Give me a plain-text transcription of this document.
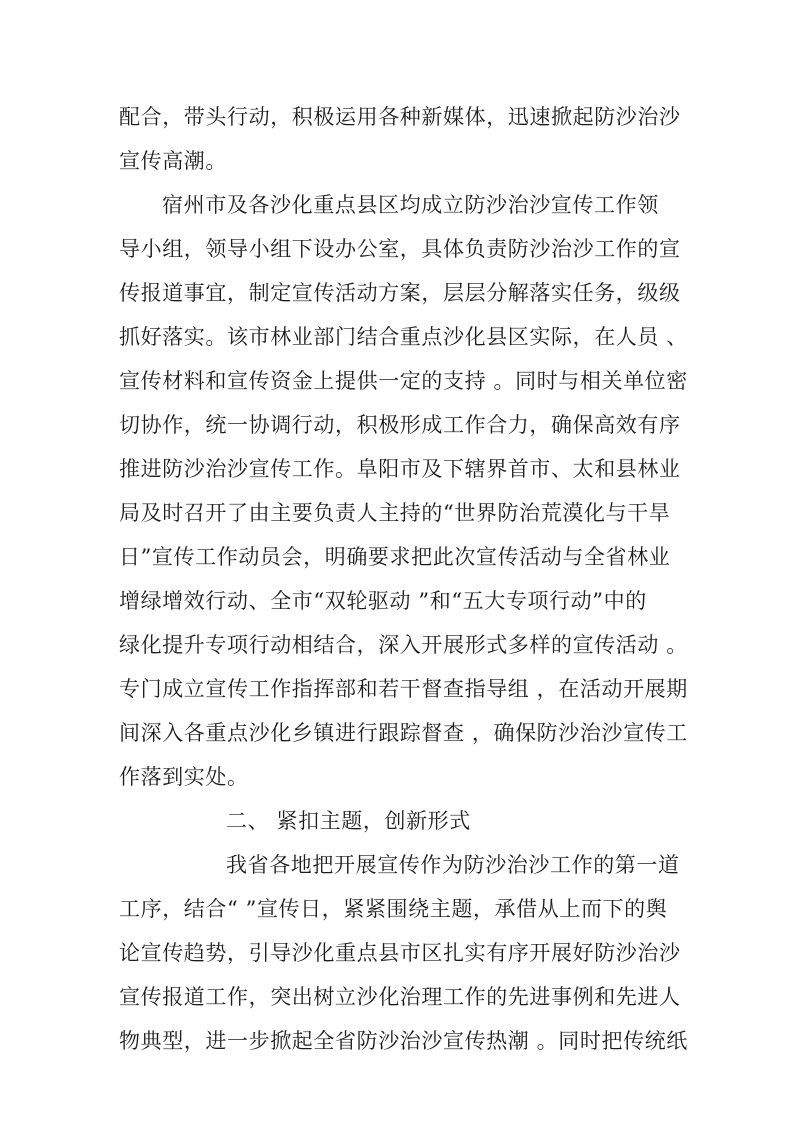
配合，带头行动，积极运用各种新媒体，迅速掀起防沙治沙
宣传高潮。
宿州市及各沙化重点县区均成立防沙治沙宣传工作领
导小组，领导小组下设办公室，具体负责防沙治沙工作的宣
传报道事宜，制定宣传活动方案，层层分解落实任务，级级
抓好落实。该市林业部门结合重点沙化县区实际，在人员 、
宣传材料和宣传资金上提供一定的支持 。同时与相关单位密
切协作，统一协调行动，积极形成工作合力，确保高效有序
推进防沙治沙宣传工作。阜阳市及下辖界首市、太和县林业
局及时召开了由主要负责人主持的“世界防治荒漠化与干旱
日”宣传工作动员会，明确要求把此次宣传活动与全省林业
增绿增效行动、全市“双轮驱动 ”和“五大专项行动”中的
绿化提升专项行动相结合，深入开展形式多样的宣传活动 。
专门成立宣传工作指挥部和若干督查指导组 ，在活动开展期
间深入各重点沙化乡镇进行跟踪督查 ，确保防沙治沙宣传工
作落到实处。
二、 紧扣主题，创新形式
我省各地把开展宣传作为防沙治沙工作的第一道
工序，结合“ ”宣传日，紧紧围绕主题，承借从上而下的舆
论宣传趋势，引导沙化重点县市区扎实有序开展好防沙治沙
宣传报道工作，突出树立沙化治理工作的先进事例和先进人
物典型，进一步掀起全省防沙治沙宣传热潮 。同时把传统纸
